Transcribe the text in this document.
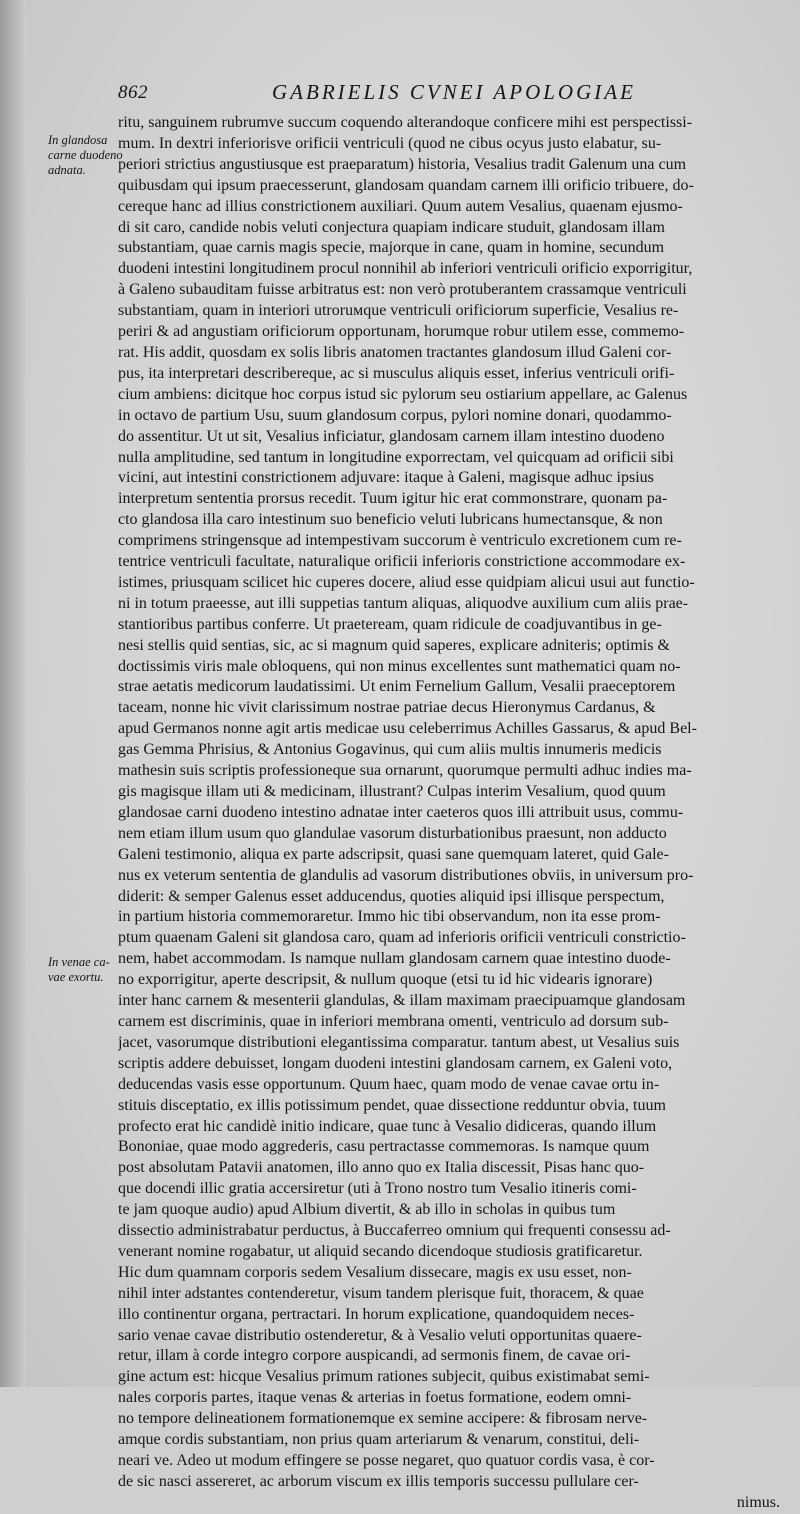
862	GABRIELIS CVNEI APOLOGIAE
In glandosa
carne duodeno
adnata.
In venae ca-
vae exortu.
ritu, sanguinem rubrumve succum coquendo alterandoque conficere mihi est perspectissi-
mum. In dextri inferiorisve orificii ventriculi (quod ne cibus ocyus justo elabatur, su-
periori strictius angustiusque est praeparatum) historia, Vesalius tradit Galenum una cum
quibusdam qui ipsum praecesserunt, glandosam quandam carnem illi orificio tribuere, do-
cereque hanc ad illius constrictionem auxiliari. Quum autem Vesalius, quaenam ejusmo-
di sit caro, candide nobis veluti conjectura quapiam indicare studuit, glandosam illam
substantiam, quae carnis magis specie, majorque in cane, quam in homine, secundum
duodeni intestini longitudinem procul nonnihil ab inferiori ventriculi orificio exporrigitur,
à Galeno subauditam fuisse arbitratus est: non verò protuberantem crassamque ventriculi
substantiam, quam in interiori utroruмque ventriculi orificiorum superficie, Vesalius re-
periri & ad angustiam orificiorum opportunam, horumque robur utilem esse, commemo-
rat. His addit, quosdam ex solis libris anatomen tractantes glandosum illud Galeni cor-
pus, ita interpretari describereque, ac si musculus aliquis esset, inferius ventriculi orifi-
cium ambiens: dicitque hoc corpus istud sic pylorum seu ostiarium appellare, ac Galenus
in octavo de partium Usu, suum glandosum corpus, pylori nomine donari, quodammo-
do assentitur. Ut ut sit, Vesalius inficiatur, glandosam carnem illam intestino duodeno
nulla amplitudine, sed tantum in longitudine exporrectam, vel quicquam ad orificii sibi
vicini, aut intestini constrictionem adjuvare: itaque à Galeni, magisque adhuc ipsius
interpretum sententia prorsus recedit. Tuum igitur hic erat commonstrare, quonam pa-
cto glandosa illa caro intestinum suo beneficio veluti lubricans humectansque, & non
comprimens stringensque ad intempestivam succorum è ventriculo excretionem cum re-
tentrice ventriculi facultate, naturalique orificii inferioris constrictione accommodare ex-
istimes, priusquam scilicet hic cuperes docere, aliud esse quidpiam alicui usui aut functio-
ni in totum praeesse, aut illi suppetias tantum aliquas, aliquodve auxilium cum aliis prae-
stantioribus partibus conferre. Ut praeteream, quam ridicule de coadjuvantibus in ge-
nesi stellis quid sentias, sic, ac si magnum quid saperes, explicare adniteris; optimis &
doctissimis viris male obloquens, qui non minus excellentes sunt mathematici quam no-
strae aetatis medicorum laudatissimi. Ut enim Fernelium Gallum, Vesalii praeceptorem
taceam, nonne hic vivit clarissimum nostrae patriae decus Hieronymus Cardanus, &
apud Germanos nonne agit artis medicae usu celeberrimus Achilles Gassarus, & apud Bel-
gas Gemma Phrisius, & Antonius Gogavinus, qui cum aliis multis innumeris medicis
mathesin suis scriptis professioneque sua ornarunt, quorumque permulti adhuc indies ma-
gis magisque illam uti & medicinam, illustrant? Culpas interim Vesalium, quod quum
glandosae carni duodeno intestino adnatae inter caeteros quos illi attribuit usus, commu-
nem etiam illum usum quo glandulae vasorum disturbationibus praesunt, non adducto
Galeni testimonio, aliqua ex parte adscripsit, quasi sane quemquam lateret, quid Gale-
nus ex veterum sententia de glandulis ad vasorum distributiones obviis, in universum pro-
diderit: & semper Galenus esset adducendus, quoties aliquid ipsi illisque perspectum,
in partium historia commemoraretur. Immo hic tibi observandum, non ita esse prom-
ptum quaenam Galeni sit glandosa caro, quam ad inferioris orificii ventriculi constrictio-
nem, habet accommodam. Is namque nullam glandosam carnem quae intestino duode-
no exporrigitur, aperte descripsit, & nullum quoque (etsi tu id hic videaris ignorare)
inter hanc carnem & mesenterii glandulas, & illam maximam praecipuamque glandosam
carnem est discriminis, quae in inferiori membrana omenti, ventriculo ad dorsum sub-
jacet, vasorumque distributioni elegantissima comparatur. tantum abest, ut Vesalius suis
scriptis addere debuisset, longam duodeni intestini glandosam carnem, ex Galeni voto,
deducendas vasis esse opportunum. Quum haec, quam modo de venae cavae ortu in-
stituis disceptatio, ex illis potissimum pendet, quae dissectione redduntur obvia, tuum
profecto erat hic candidè initio indicare, quae tunc à Vesalio didiceras, quando illum
Bononiae, quae modo aggrederis, casu pertractasse commemoras. Is namque quum
post absolutam Patavii anatomen, illo anno quo ex Italia discessit, Pisas hanc quo-
que docendi illic gratia accersiretur (uti à Trono nostro tum Vesalio itineris comi-
te jam quoque audio) apud Albium divertit, & ab illo in scholas in quibus tum
dissectio administrabatur perductus, à Buccaferreo omnium qui frequenti consessu ad-
venerant nomine rogabatur, ut aliquid secando dicendoque studiosis gratificaretur.
Hic dum quamnam corporis sedem Vesalium dissecare, magis ex usu esset, non-
nihil inter adstantes contenderetur, visum tandem plerisque fuit, thoracem, & quae
illo continentur organa, pertractari. In horum explicatione, quandoquidem neces-
sario venae cavae distributio ostenderetur, & à Vesalio veluti opportunitas quaere-
retur, illam à corde integro corpore auspicandi, ad sermonis finem, de cavae ori-
gine actum est: hicque Vesalius primum rationes subjecit, quibus existimabat semi-
nales corporis partes, itaque venas & arterias in foetus formatione, eodem omni-
no tempore delineationem formationemque ex semine accipere: & fibrosam nerve-
amque cordis substantiam, non prius quam arteriarum & venarum, constitui, deli-
neari ve. Adeo ut modum effingere se posse negaret, quo quatuor cordis vasa, è cor-
de sic nasci assereret, ac arborum viscum ex illis temporis successu pullulare cer-
nimus.
